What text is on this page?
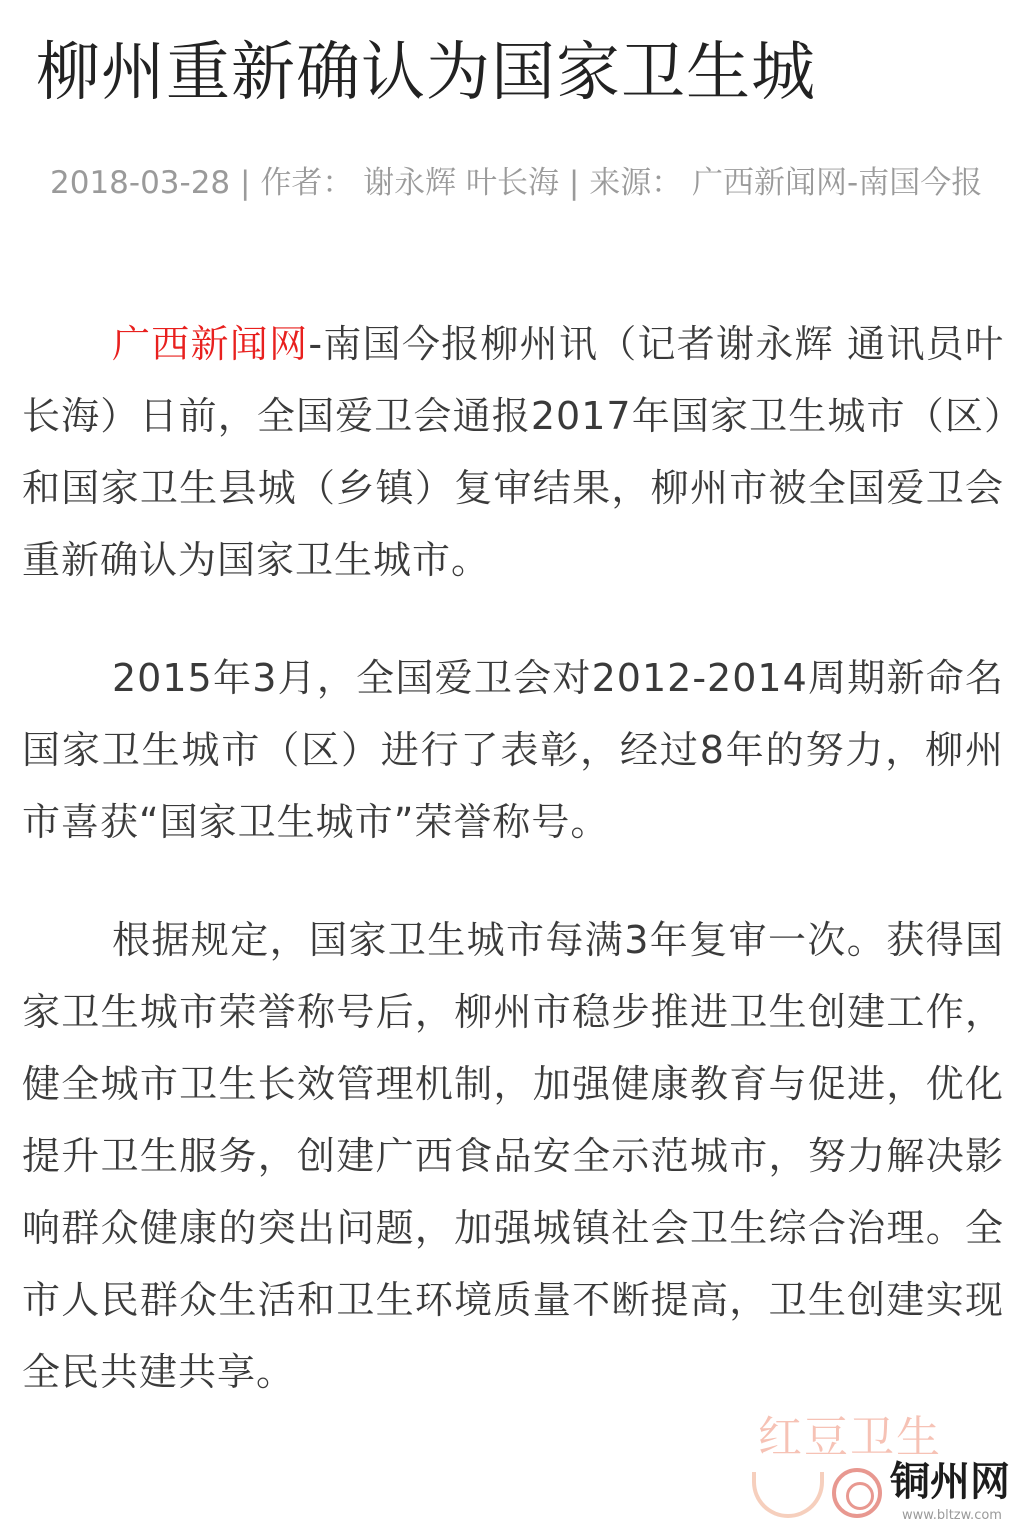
柳州重新确认为国家卫生城
2018-03-28 | 作者： 谢永辉 叶长海 | 来源： 广西新闻网-南国今报

广西新闻网-南国今报柳州讯（记者谢永辉 通讯员叶长海）日前，全国爱卫会通报2017年国家卫生城市（区）和国家卫生县城（乡镇）复审结果，柳州市被全国爱卫会重新确认为国家卫生城市。

2015年3月，全国爱卫会对2012-2014周期新命名国家卫生城市（区）进行了表彰，经过8年的努力，柳州市喜获“国家卫生城市”荣誉称号。

根据规定，国家卫生城市每满3年复审一次。获得国家卫生城市荣誉称号后，柳州市稳步推进卫生创建工作，健全城市卫生长效管理机制，加强健康教育与促进，优化提升卫生服务，创建广西食品安全示范城市，努力解决影响群众健康的突出问题，加强城镇社会卫生综合治理。全市人民群众生活和卫生环境质量不断提高，卫生创建实现全民共建共享。

红豆卫生
铜州网
www.bltzw.com
